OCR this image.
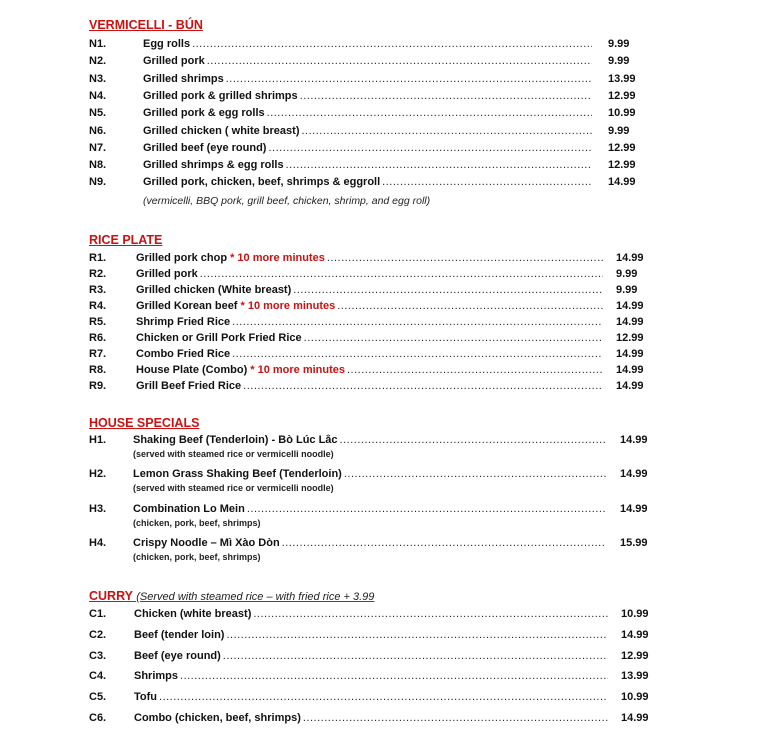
VERMICELLI - BÚN
N1.	Egg rolls .....	9.99
N2.	Grilled pork .....	9.99
N3.	Grilled shrimps .....	13.99
N4.	Grilled pork & grilled shrimps .....	12.99
N5.	Grilled pork & egg rolls .....	10.99
N6.	Grilled chicken ( white breast) .....	9.99
N7.	Grilled beef (eye round) .....	12.99
N8.	Grilled shrimps & egg rolls .....	12.99
N9.	Grilled pork, chicken, beef, shrimps & eggroll .....	14.99
(vermicelli, BBQ pork, grill beef, chicken, shrimp, and egg roll)
RICE PLATE
R1.	Grilled pork chop * 10 more minutes .....	14.99
R2.	Grilled pork .....	9.99
R3.	Grilled chicken (White breast) .....	9.99
R4.	Grilled Korean beef * 10 more minutes .....	14.99
R5.	Shrimp Fried Rice .....	14.99
R6.	Chicken or Grill Pork Fried Rice .....	12.99
R7.	Combo Fried Rice .....	14.99
R8.	House Plate (Combo) * 10 more minutes .....	14.99
R9.	Grill Beef Fried Rice .....	14.99
HOUSE SPECIALS
H1. Shaking Beef (Tenderloin) - Bò Lúc Lắc .....	14.99
(served with steamed rice or vermicelli noodle)
H2. Lemon Grass Shaking Beef (Tenderloin) .....	14.99
(served with steamed rice or vermicelli noodle)
H3. Combination Lo Mein .....	14.99
(chicken, pork, beef, shrimps)
H4. Crispy Noodle – Mì Xào Dòn .....	15.99
(chicken, pork, beef, shrimps)
CURRY (Served with steamed rice – with fried rice + 3.99
C1.	Chicken (white breast) .....	10.99
C2.	Beef (tender loin) .....	14.99
C3.	Beef (eye round) .....	12.99
C4.	Shrimps .....	13.99
C5.	Tofu .....	10.99
C6.	Combo (chicken, beef, shrimps) .....	14.99
